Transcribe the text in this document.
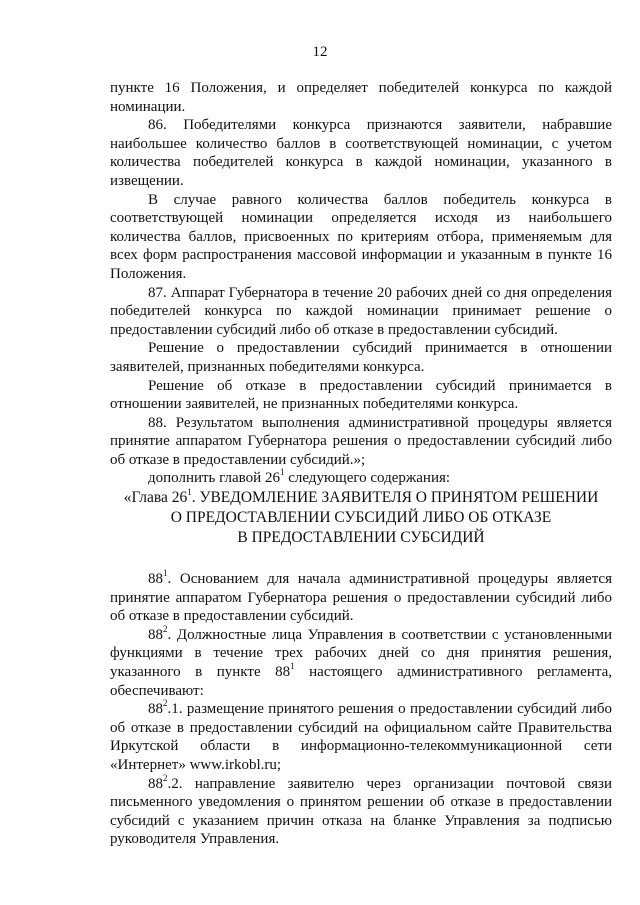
12

пункте 16 Положения, и определяет победителей конкурса по каждой номинации.

86. Победителями конкурса признаются заявители, набравшие наибольшее количество баллов в соответствующей номинации, с учетом количества победителей конкурса в каждой номинации, указанного в извещении.

В случае равного количества баллов победитель конкурса в соответствующей номинации определяется исходя из наибольшего количества баллов, присвоенных по критериям отбора, применяемым для всех форм распространения массовой информации и указанным в пункте 16 Положения.

87. Аппарат Губернатора в течение 20 рабочих дней со дня определения победителей конкурса по каждой номинации принимает решение о предоставлении субсидий либо об отказе в предоставлении субсидий.

Решение о предоставлении субсидий принимается в отношении заявителей, признанных победителями конкурса.

Решение об отказе в предоставлении субсидий принимается в отношении заявителей, не признанных победителями конкурса.

88. Результатом выполнения административной процедуры является принятие аппаратом Губернатора решения о предоставлении субсидий либо об отказе в предоставлении субсидий.»;

дополнить главой $26^1$ следующего содержания:

«Глава $26^1$. УВЕДОМЛЕНИЕ ЗАЯВИТЕЛЯ О ПРИНЯТОМ РЕШЕНИИ

О ПРЕДОСТАВЛЕНИИ СУБСИДИЙ ЛИБО ОБ ОТКАЗЕ

В ПРЕДОСТАВЛЕНИИ СУБСИДИЙ

$88^1$. Основанием для начала административной процедуры является принятие аппаратом Губернатора решения о предоставлении субсидий либо об отказе в предоставлении субсидий.

$88^2$. Должностные лица Управления в соответствии с установленными функциями в течение трех рабочих дней со дня принятия решения, указанного в пункте $88^1$ настоящего административного регламента, обеспечивают:

$88^2.1$. размещение принятого решения о предоставлении субсидий либо об отказе в предоставлении субсидий на официальном сайте Правительства Иркутской области в информационно-телекоммуникационной сети «Интернет» www.irkobl.ru;

$88^2.2$. направление заявителю через организации почтовой связи письменного уведомления о принятом решении об отказе в предоставлении субсидий с указанием причин отказа на бланке Управления за подписью руководителя Управления.
